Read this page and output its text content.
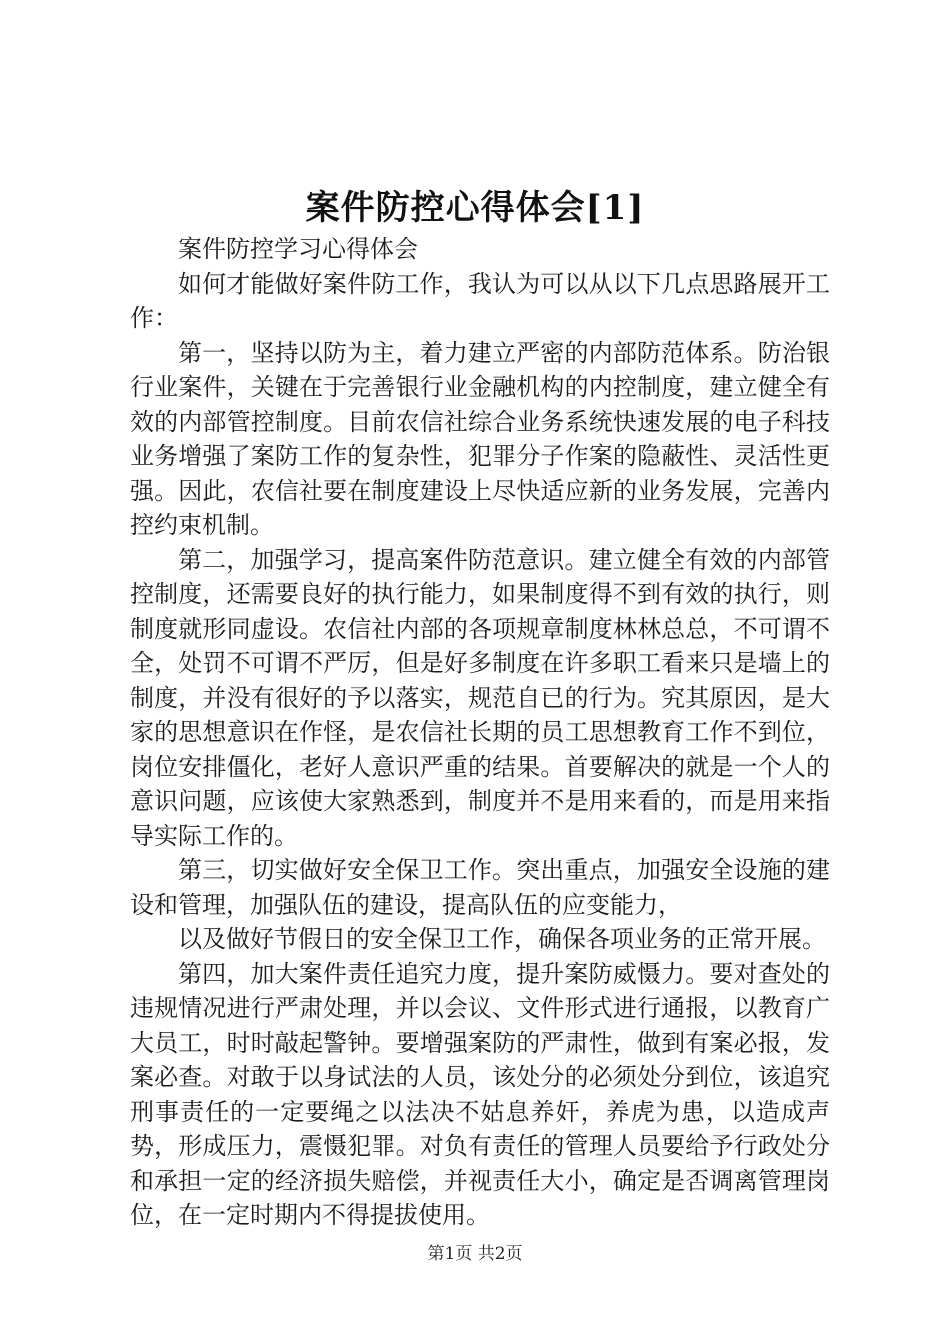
案件防控心得体会[1]

案件防控学习心得体会

如何才能做好案件防工作，我认为可以从以下几点思路展开工作：

第一，坚持以防为主，着力建立严密的内部防范体系。防治银行业案件，关键在于完善银行业金融机构的内控制度，建立健全有效的内部管控制度。目前农信社综合业务系统快速发展的电子科技业务增强了案防工作的复杂性，犯罪分子作案的隐蔽性、灵活性更强。因此，农信社要在制度建设上尽快适应新的业务发展，完善内控约束机制。

第二，加强学习，提高案件防范意识。建立健全有效的内部管控制度，还需要良好的执行能力，如果制度得不到有效的执行，则制度就形同虚设。农信社内部的各项规章制度林林总总，不可谓不全，处罚不可谓不严厉，但是好多制度在许多职工看来只是墙上的制度，并没有很好的予以落实，规范自已的行为。究其原因，是大家的思想意识在作怪，是农信社长期的员工思想教育工作不到位，岗位安排僵化，老好人意识严重的结果。首要解决的就是一个人的意识问题，应该使大家熟悉到，制度并不是用来看的，而是用来指导实际工作的。

第三，切实做好安全保卫工作。突出重点，加强安全设施的建设和管理，加强队伍的建设，提高队伍的应变能力，

以及做好节假日的安全保卫工作，确保各项业务的正常开展。

第四，加大案件责任追究力度，提升案防威慑力。要对查处的违规情况进行严肃处理，并以会议、文件形式进行通报，以教育广大员工，时时敲起警钟。要增强案防的严肃性，做到有案必报，发案必查。对敢于以身试法的人员，该处分的必须处分到位，该追究刑事责任的一定要绳之以法决不姑息养奸，养虎为患，以造成声势，形成压力，震慑犯罪。对负有责任的管理人员要给予行政处分和承担一定的经济损失赔偿，并视责任大小，确定是否调离管理岗位，在一定时期内不得提拔使用。

第1页 共2页
